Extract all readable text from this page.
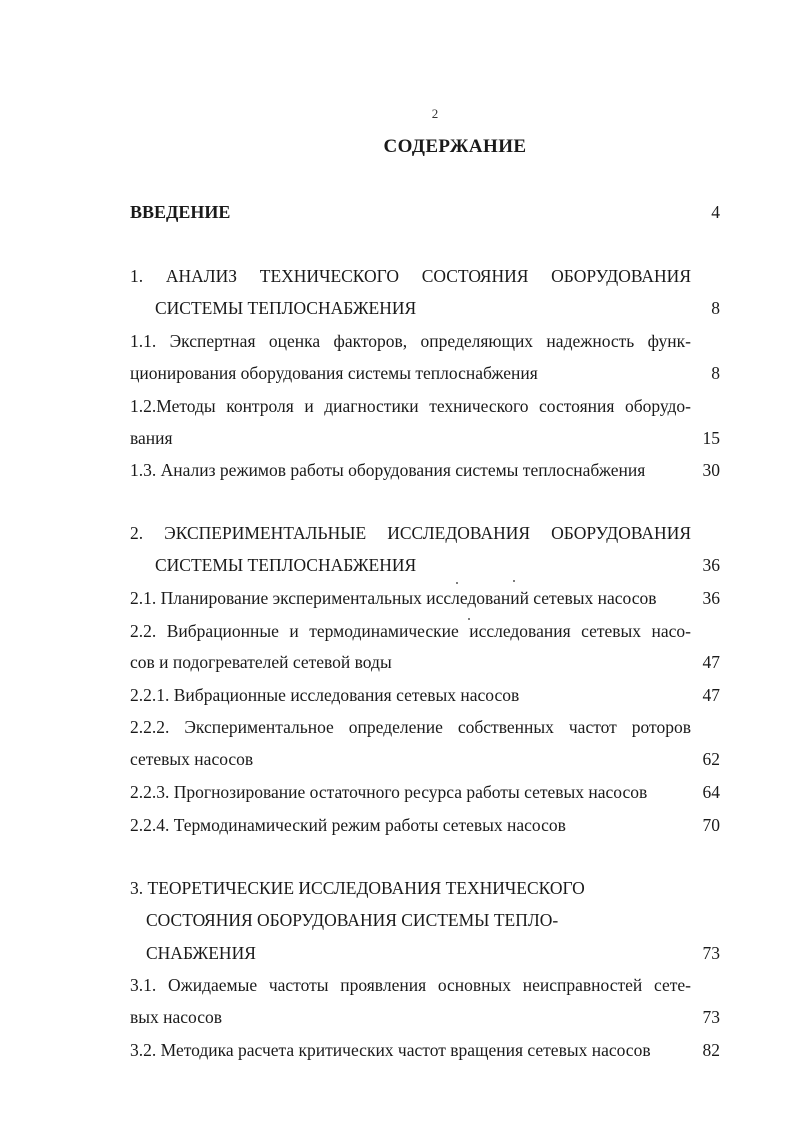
2
СОДЕРЖАНИЕ
ВВЕДЕНИЕ	4
1. АНАЛИЗ ТЕХНИЧЕСКОГО СОСТОЯНИЯ ОБОРУДОВАНИЯ
СИСТЕМЫ ТЕПЛОСНАБЖЕНИЯ	8
1.1. Экспертная оценка факторов, определяющих надежность функ-
ционирования оборудования системы теплоснабжения	8
1.2.Методы контроля и диагностики технического состояния оборудо-
вания	15
1.3. Анализ режимов работы оборудования системы теплоснабжения	30
2. ЭКСПЕРИМЕНТАЛЬНЫЕ ИССЛЕДОВАНИЯ ОБОРУДОВАНИЯ
СИСТЕМЫ ТЕПЛОСНАБЖЕНИЯ	36
2.1. Планирование экспериментальных исследований сетевых насосов	36
2.2. Вибрационные и термодинамические исследования сетевых насо-
сов и подогревателей сетевой воды	47
2.2.1. Вибрационные исследования сетевых насосов	47
2.2.2. Экспериментальное определение собственных частот роторов
сетевых насосов	62
2.2.3. Прогнозирование остаточного ресурса работы сетевых насосов	64
2.2.4. Термодинамический режим работы сетевых насосов	70
3. ТЕОРЕТИЧЕСКИЕ ИССЛЕДОВАНИЯ ТЕХНИЧЕСКОГО
СОСТОЯНИЯ ОБОРУДОВАНИЯ СИСТЕМЫ ТЕПЛО-
СНАБЖЕНИЯ	73
3.1. Ожидаемые частоты проявления основных неисправностей сете-
вых насосов	73
3.2. Методика расчета критических частот вращения сетевых насосов	82
